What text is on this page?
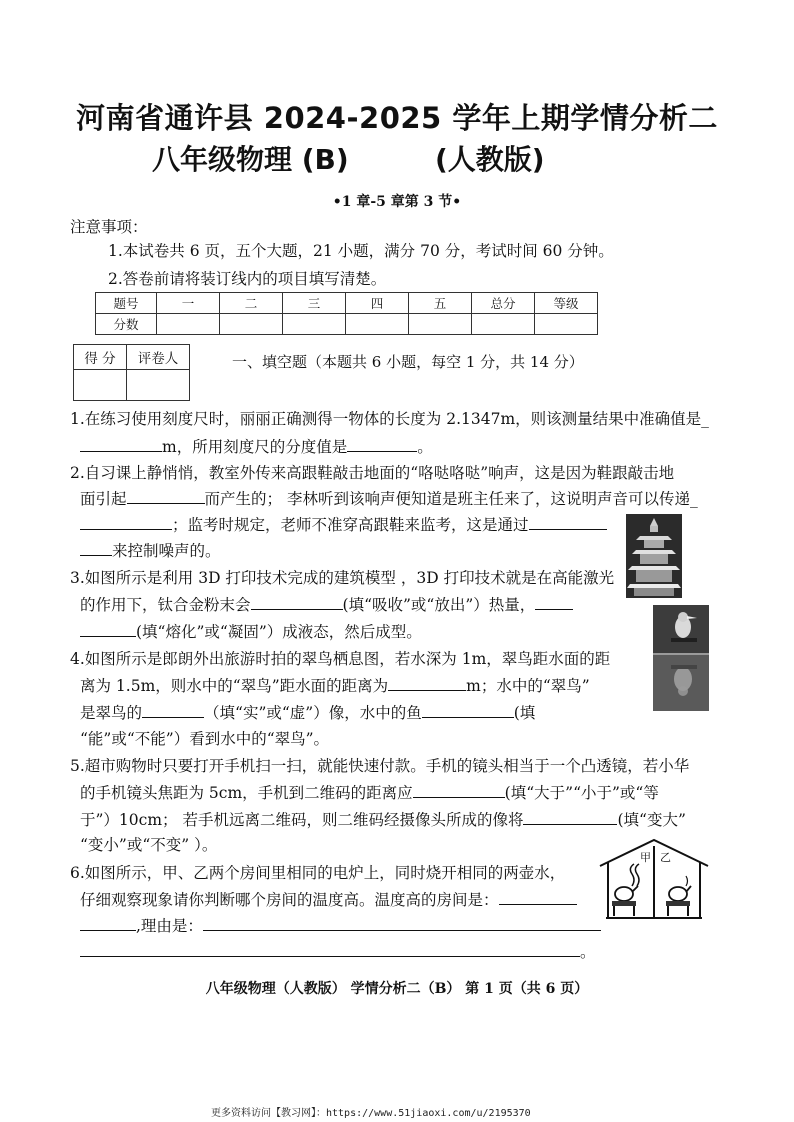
河南省通许县 2024-2025 学年上期学情分析二
八年级物理 (B)	(人教版)
•1 章-5 章第 3 节•
注意事项：
1.本试卷共 6 页，五个大题，21 小题，满分 70 分，考试时间 60 分钟。
2.答卷前请将装订线内的项目填写清楚。
题号	一	二	三	四	五	总分	等级
分数							
得 分	评卷人
		一、填空题（本题共 6 小题，每空 1 分，共 14 分）
1.在练习使用刻度尺时，丽丽正确测得一物体的长度为 2.1347m，则该测量结果中准确值是_
m，所用刻度尺的分度值是	。
2.自习课上静悄悄，教室外传来高跟鞋敲击地面的“咯哒咯哒”响声，这是因为鞋跟敲击地
面引起	而产生的； 李林听到该响声便知道是班主任来了，这说明声音可以传递_
；监考时规定，老师不准穿高跟鞋来监考，这是通过
来控制噪声的。
3.如图所示是利用 3D 打印技术完成的建筑模型 ，3D 打印技术就是在高能激光
的作用下，钛合金粉末会	(填“吸收”或“放出”）热量，
(填“熔化”或“凝固”）成液态，然后成型。
4.如图所示是郎朗外出旅游时拍的翠鸟栖息图，若水深为 1m，翠鸟距水面的距
离为 1.5m，则水中的“翠鸟”距水面的距离为	m；水中的“翠鸟”
是翠鸟的	（填“实”或“虚”）像，水中的鱼	(填
“能”或“不能”）看到水中的“翠鸟”。
5.超市购物时只要打开手机扫一扫，就能快速付款。手机的镜头相当于一个凸透镜，若小华
的手机镜头焦距为 5cm，手机到二维码的距离应	(填“大于”“小于”或“等
于”）10cm； 若手机远离二维码，则二维码经摄像头所成的像将	(填“变大”
“变小”或“不变” ）。
6.如图所示，甲、乙两个房间里相同的电炉上，同时烧开相同的两壶水，
仔细观察现象请你判断哪个房间的温度高。温度高的房间是：
,理由是：
。
甲 乙
八年级物理（人教版） 学情分析二（B） 第 1 页（共 6 页）
更多资料访问【教习网】：https://www.51jiaoxi.com/u/2195370
